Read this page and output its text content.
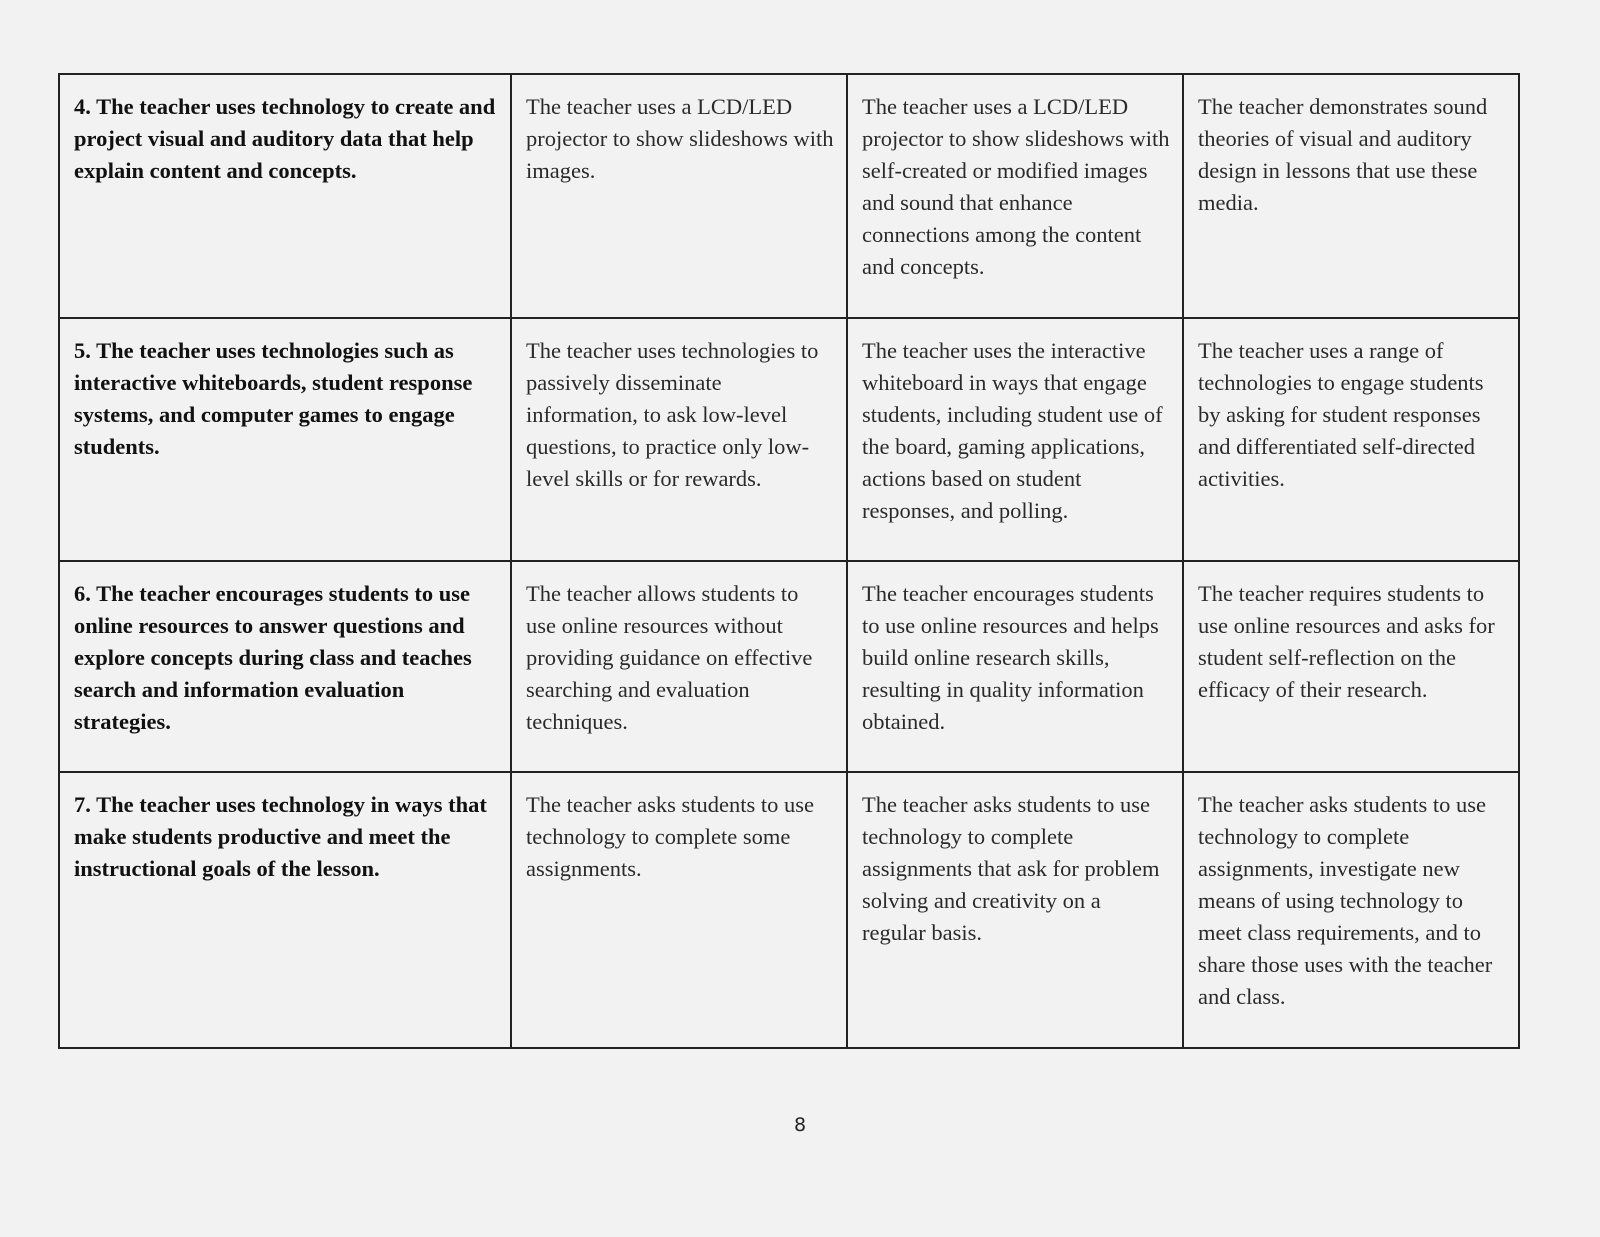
4. The teacher uses technology to create and project visual and auditory data that help explain content and concepts.	The teacher uses a LCD/LED projector to show slideshows with images.	The teacher uses a LCD/LED projector to show slideshows with self-created or modified images and sound that enhance connections among the content and concepts.	The teacher demonstrates sound theories of visual and auditory design in lessons that use these media.
5. The teacher uses technologies such as interactive whiteboards, student response systems, and computer games to engage students.	The teacher uses technologies to passively disseminate information, to ask low-level questions, to practice only low-level skills or for rewards.	The teacher uses the interactive whiteboard in ways that engage students, including student use of the board, gaming applications, actions based on student responses, and polling.	The teacher uses a range of technologies to engage students by asking for student responses and differentiated self-directed activities.
6. The teacher encourages students to use online resources to answer questions and explore concepts during class and teaches search and information evaluation strategies.	The teacher allows students to use online resources without providing guidance on effective searching and evaluation techniques.	The teacher encourages students to use online resources and helps build online research skills, resulting in quality information obtained.	The teacher requires students to use online resources and asks for student self-reflection on the efficacy of their research.
7. The teacher uses technology in ways that make students productive and meet the instructional goals of the lesson.	The teacher asks students to use technology to complete some assignments.	The teacher asks students to use technology to complete assignments that ask for problem solving and creativity on a regular basis.	The teacher asks students to use technology to complete assignments, investigate new means of using technology to meet class requirements, and to share those uses with the teacher and class.
8
